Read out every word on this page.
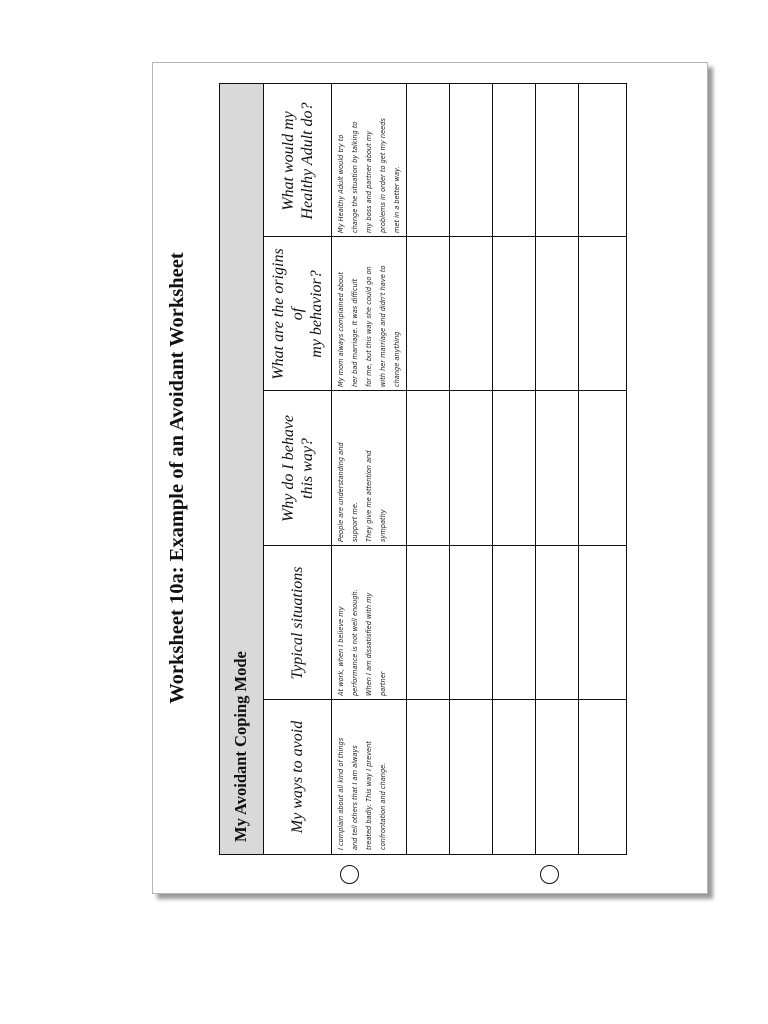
Worksheet 10a: Example of an Avoidant Worksheet
My Avoidant Coping Mode My ways to avoid

Typical situations

Why do I behave this way?
What are the origins of my behavior?
What would my Healthy Adult do?
I complain about all kind of things and tell others that I am always treated badly. This way I prevent confrontation and change.
At work, when I believe my performance is not well enough. When I am dissatisfied with my partner
People are understanding and support me. They give me attention and sympathy
My mom always complained about her bad marriage. It was difficult for me, but this way she could go on with her marriage and didn't have to change anything
My Healthy Adult would try to change the situation by talking to my boss and partner about my problems in order to get my needs met in a better way.
